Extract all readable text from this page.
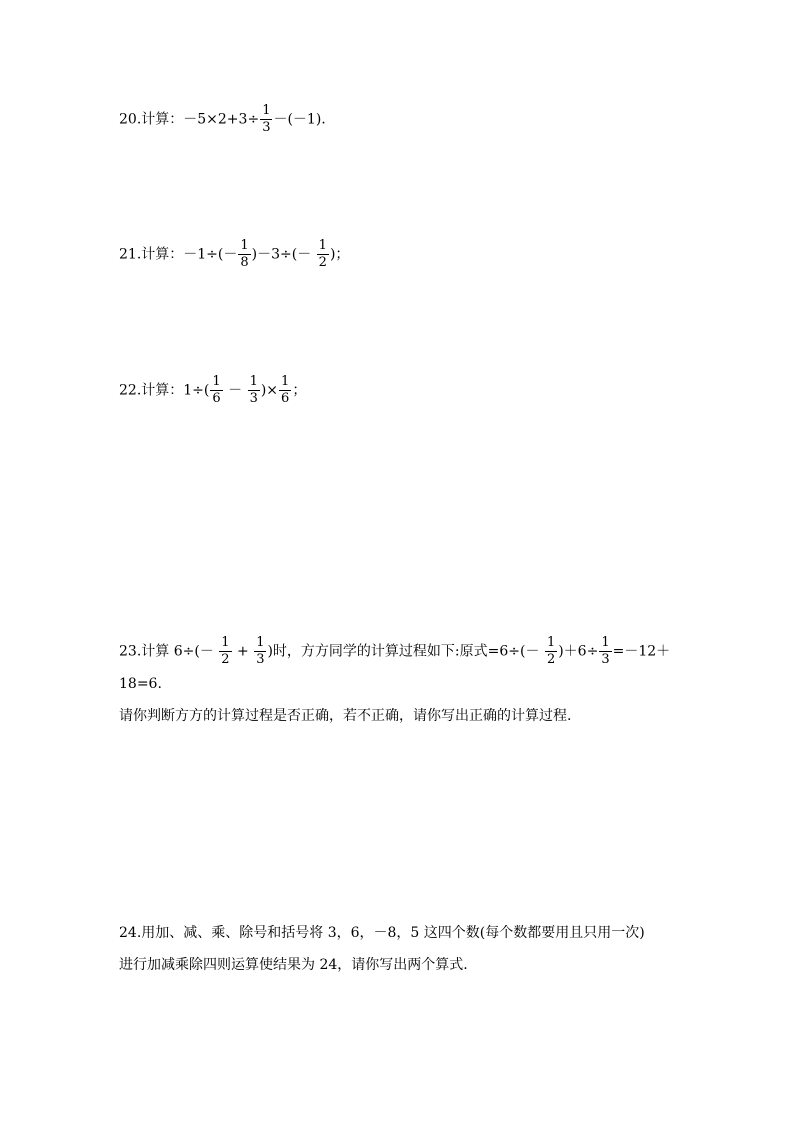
20.计算：$-5\times 2+3\div \frac{1}{3} -(-1)$.
21.计算：$-1\div(- \frac{1}{8} )-3\div(- \frac{1}{2}$ )；
22.计算：$1\div( \frac{1}{6} - \frac{1}{3}$ )× $\frac{1}{6}$ ；
23.计算 $6\div(- \frac{1}{2} + \frac{1}{3}$ )时，方方同学的计算过程如下:原式$=6\div(- \frac{1}{2} )+6\div \frac{1}{3} =-12+$
18=6.
请你判断方方的计算过程是否正确，若不正确，请你写出正确的计算过程.
24.用加、减、乘、除号和括号将 3，6，－8，5 这四个数(每个数都要用且只用一次)
进行加减乘除四则运算使结果为 24，请你写出两个算式.
